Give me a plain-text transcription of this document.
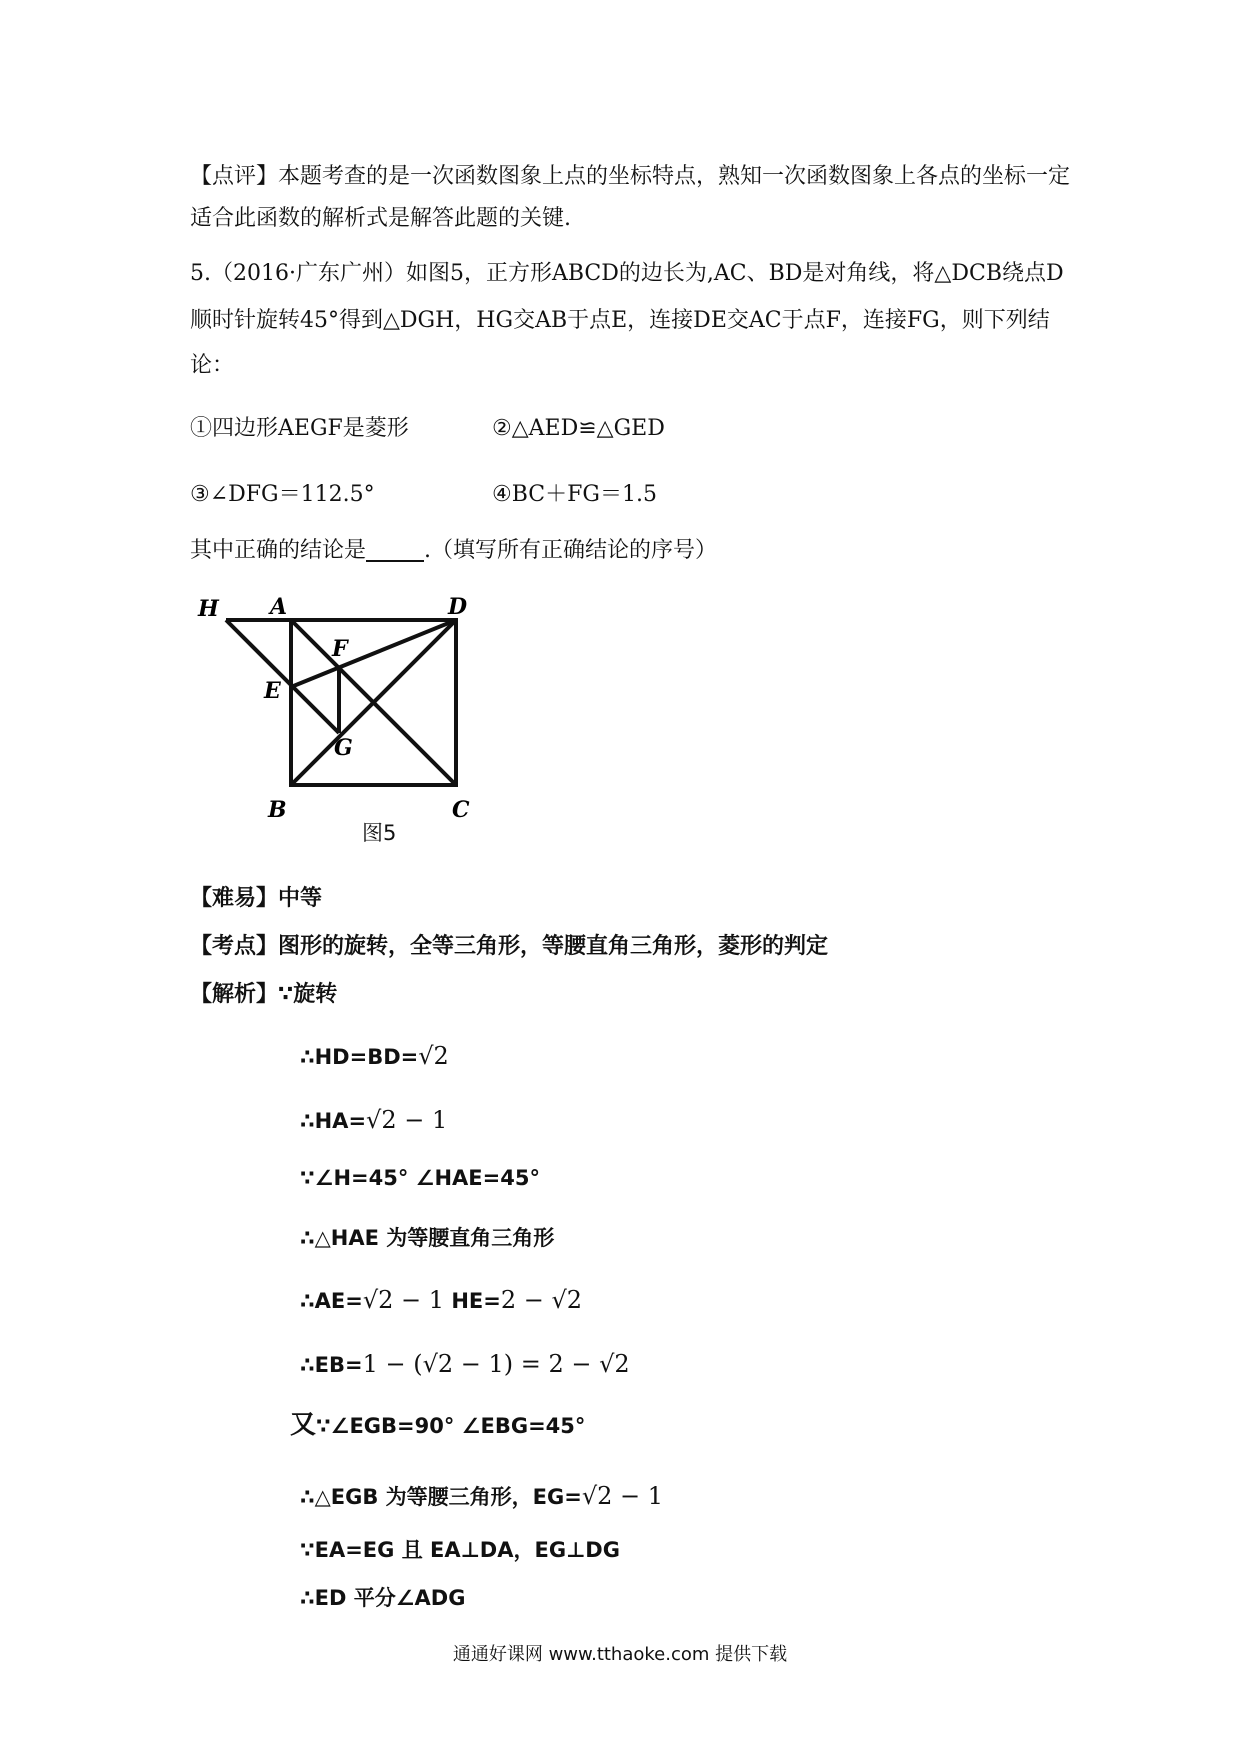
【点评】本题考查的是一次函数图象上点的坐标特点，熟知一次函数图象上各点的坐标一定
适合此函数的解析式是解答此题的关键.
5.（2016·广东广州）如图5，正方形ABCD的边长为,AC、BD是对角线，将△DCB绕点D
顺时针旋转45°得到△DGH，HG交AB于点E，连接DE交AC于点F，连接FG，则下列结
论：
①四边形AEGF是菱形	②△AED≌△GED
③∠DFG＝112.5°	④BC＋FG＝1.5
其中正确的结论是	.（填写所有正确结论的序号）
H A	D
F
E
G
B	C
图5
【难易】中等
【考点】图形的旋转，全等三角形，等腰直角三角形，菱形的判定
【解析】∵旋转
∴HD=BD=√2
∴HA=√2 − 1
∵∠H=45° ∠HAE=45°
∴△HAE 为等腰直角三角形
∴AE=√2 − 1 HE=2 − √2
∴EB=1 − (√2 − 1) = 2 − √2
又∵∠EGB=90° ∠EBG=45°
∴△EGB 为等腰三角形，EG=√2 − 1
∵EA=EG 且 EA⊥DA，EG⊥DG
∴ED 平分∠ADG
通通好课网 www.tthaoke.com 提供下载
